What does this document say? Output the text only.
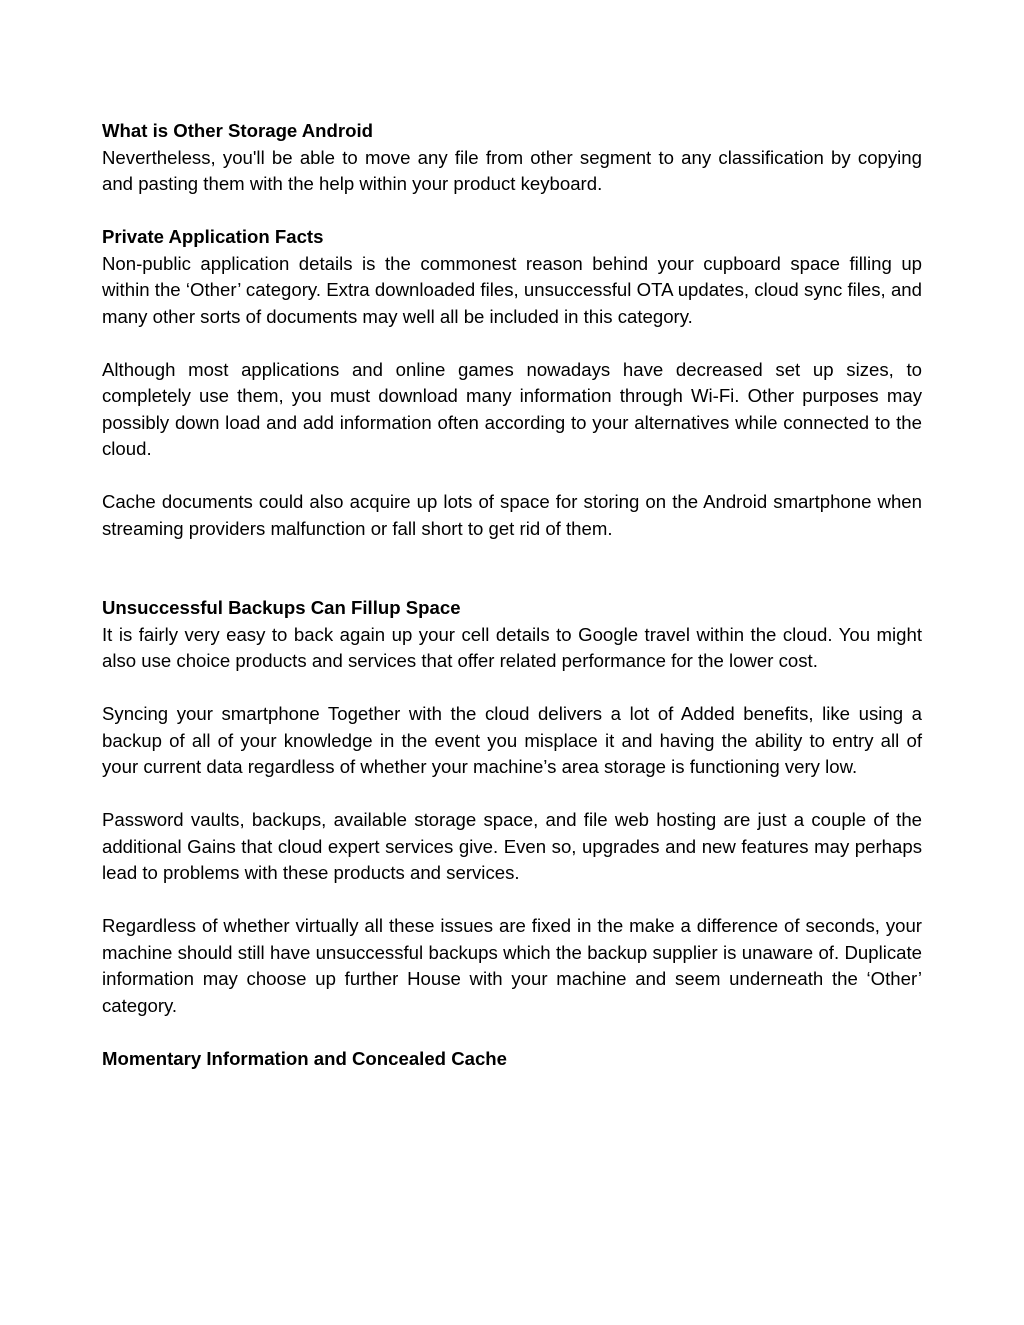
What is Other Storage Android

Nevertheless, you'll be able to move any file from other segment to any classification by copying and pasting them with the help within your product keyboard.

Private Application Facts

Non-public application details is the commonest reason behind your cupboard space filling up within the ‘Other’ category. Extra downloaded files, unsuccessful OTA updates, cloud sync files, and many other sorts of documents may well all be included in this category.

Although most applications and online games nowadays have decreased set up sizes, to completely use them, you must download many information through Wi-Fi. Other purposes may possibly down load and add information often according to your alternatives while connected to the cloud.

Cache documents could also acquire up lots of space for storing on the Android smartphone when streaming providers malfunction or fall short to get rid of them.

Unsuccessful Backups Can Fillup Space

It is fairly very easy to back again up your cell details to Google travel within the cloud. You might also use choice products and services that offer related performance for the lower cost.

Syncing your smartphone Together with the cloud delivers a lot of Added benefits, like using a backup of all of your knowledge in the event you misplace it and having the ability to entry all of your current data regardless of whether your machine’s area storage is functioning very low.

Password vaults, backups, available storage space, and file web hosting are just a couple of the additional Gains that cloud expert services give. Even so, upgrades and new features may perhaps lead to problems with these products and services.

Regardless of whether virtually all these issues are fixed in the make a difference of seconds, your machine should still have unsuccessful backups which the backup supplier is unaware of. Duplicate information may choose up further House with your machine and seem underneath the ‘Other’ category.

Momentary Information and Concealed Cache
